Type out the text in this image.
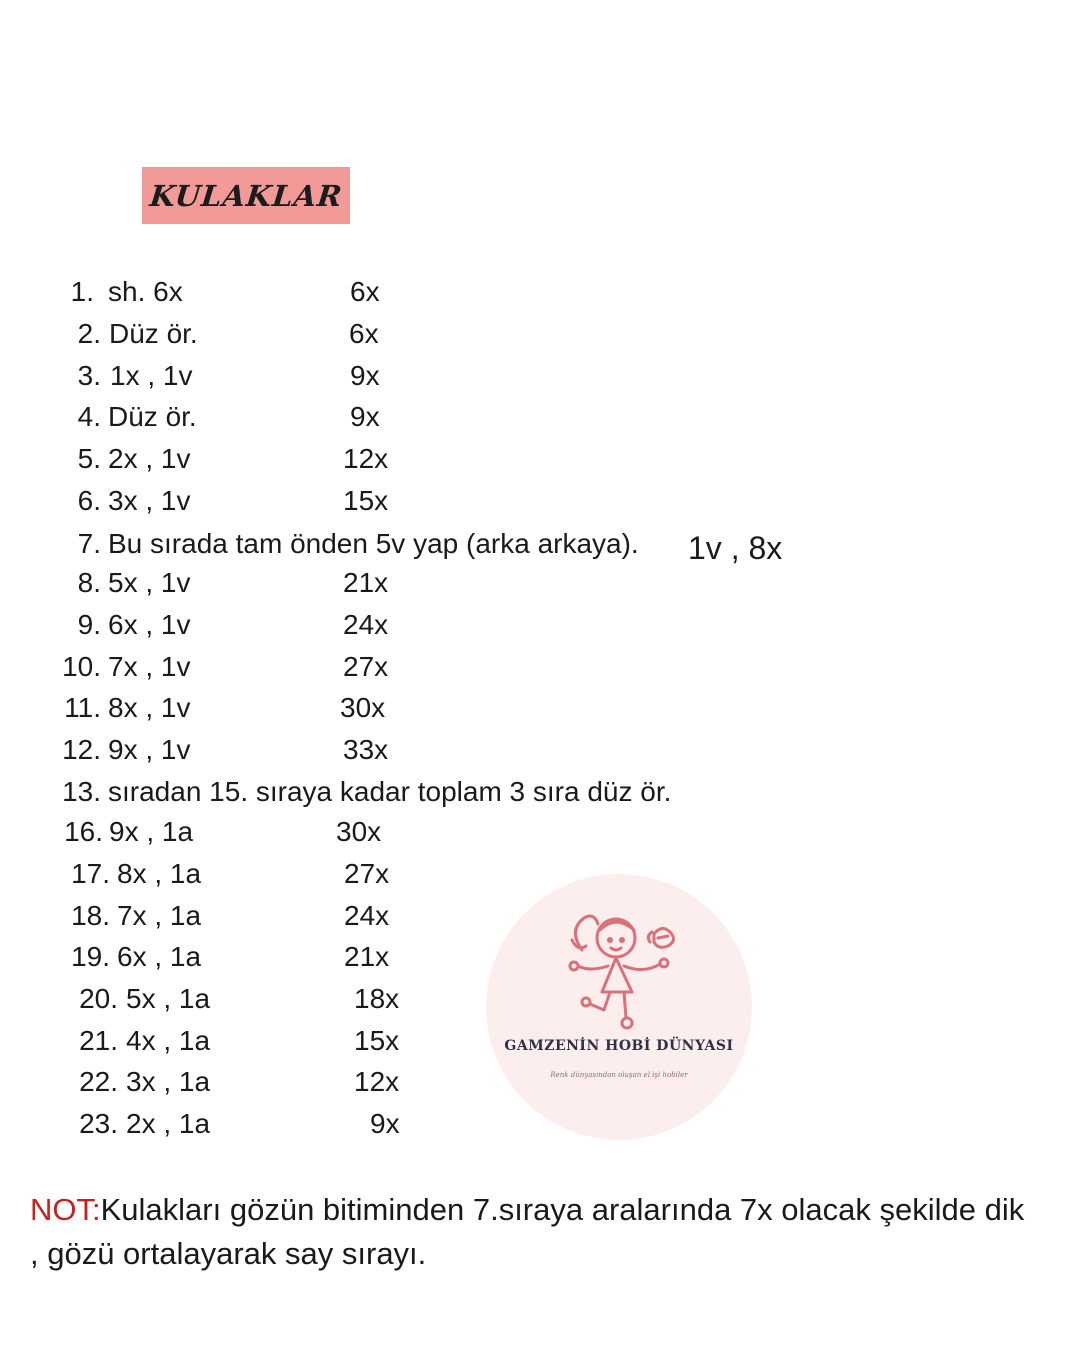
KULAKLAR
1. sh. 6x	6x
2. Düz ör.	6x
3. 1x , 1v	9x
4. Düz ör.	9x
5. 2x , 1v	12x
6. 3x , 1v	15x
7. Bu sırada tam önden 5v yap (arka arkaya). 1v , 8x
8. 5x , 1v	21x
9. 6x , 1v	24x
10. 7x , 1v	27x
11. 8x , 1v	30x
12. 9x , 1v	33x
13. sıradan 15. sıraya kadar toplam 3 sıra düz ör.
16. 9x , 1a	30x
17. 8x , 1a	27x
18. 7x , 1a	24x
19. 6x , 1a	21x
20. 5x , 1a	18x
21. 4x , 1a	15x
22. 3x , 1a	12x
23. 2x , 1a	9x
GAMZENİN HOBİ DÜNYASI
Renk dünyasından oluşan el işi hobiler
NOT:Kulakları gözün bitiminden 7.sıraya aralarında 7x olacak şekilde dik , gözü ortalayarak say sırayı.
